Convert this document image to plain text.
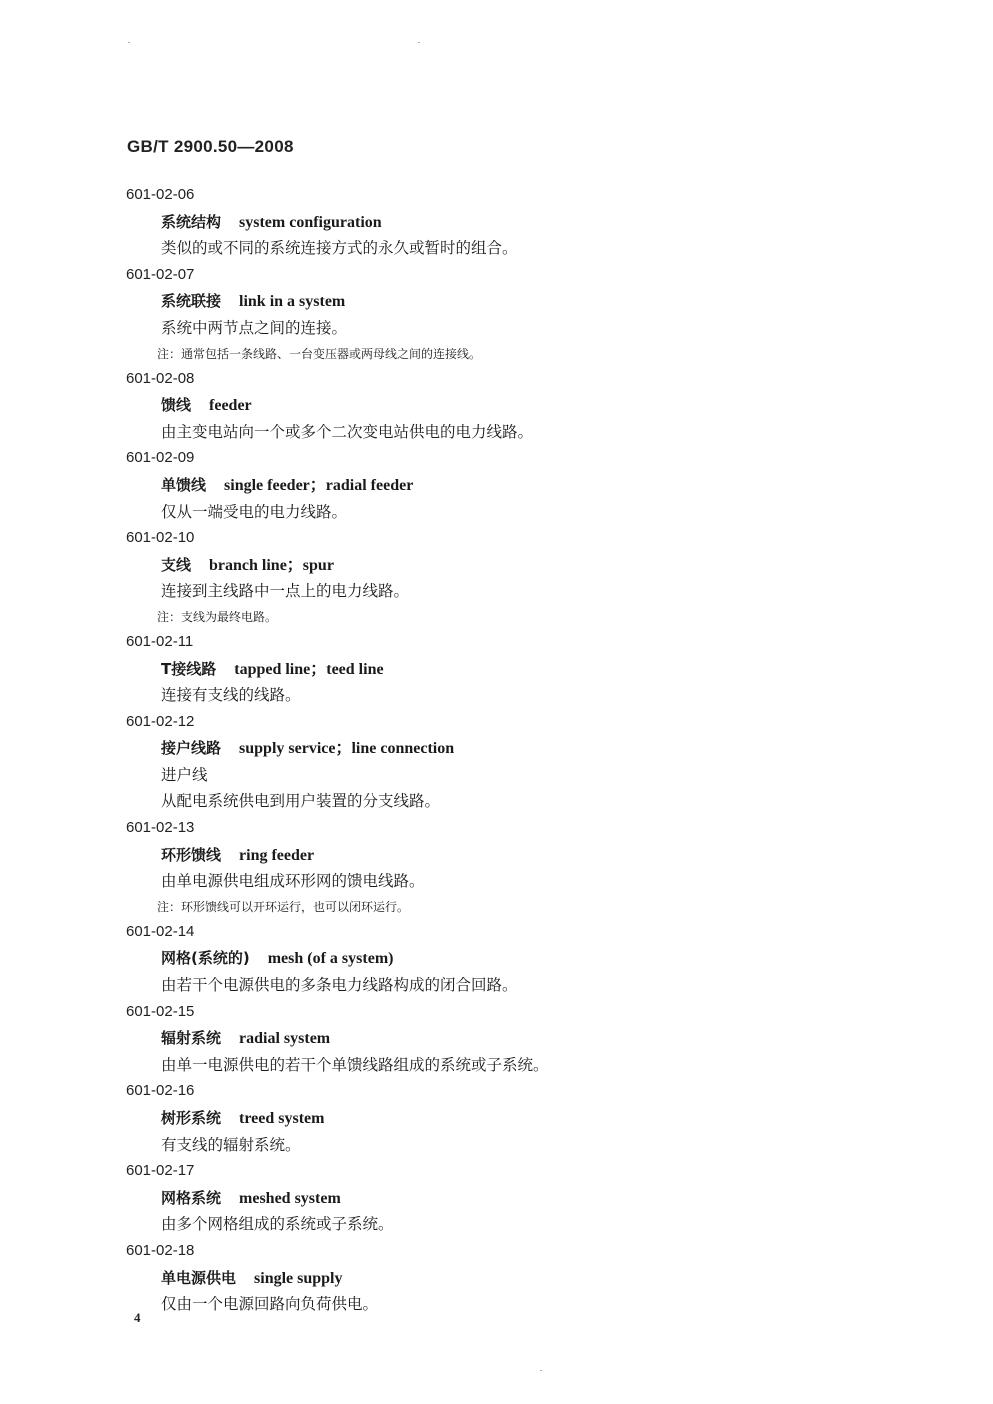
GB/T 2900.50—2008
601-02-06
系统结构 system configuration
类似的或不同的系统连接方式的永久或暂时的组合。
601-02-07
系统联接 link in a system
系统中两节点之间的连接。
注：通常包括一条线路、一台变压器或两母线之间的连接线。
601-02-08
馈线 feeder
由主变电站向一个或多个二次变电站供电的电力线路。
601-02-09
单馈线 single feeder；radial feeder
仅从一端受电的电力线路。
601-02-10
支线 branch line；spur
连接到主线路中一点上的电力线路。
注：支线为最终电路。
601-02-11
T接线路 tapped line；teed line
连接有支线的线路。
601-02-12
接户线路 supply service；line connection
进户线
从配电系统供电到用户装置的分支线路。
601-02-13
环形馈线 ring feeder
由单电源供电组成环形网的馈电线路。
注：环形馈线可以开环运行，也可以闭环运行。
601-02-14
网格(系统的) mesh (of a system)
由若干个电源供电的多条电力线路构成的闭合回路。
601-02-15
辐射系统 radial system
由单一电源供电的若干个单馈线路组成的系统或子系统。
601-02-16
树形系统 treed system
有支线的辐射系统。
601-02-17
网格系统 meshed system
由多个网格组成的系统或子系统。
601-02-18
单电源供电 single supply
仅由一个电源回路向负荷供电。
4
